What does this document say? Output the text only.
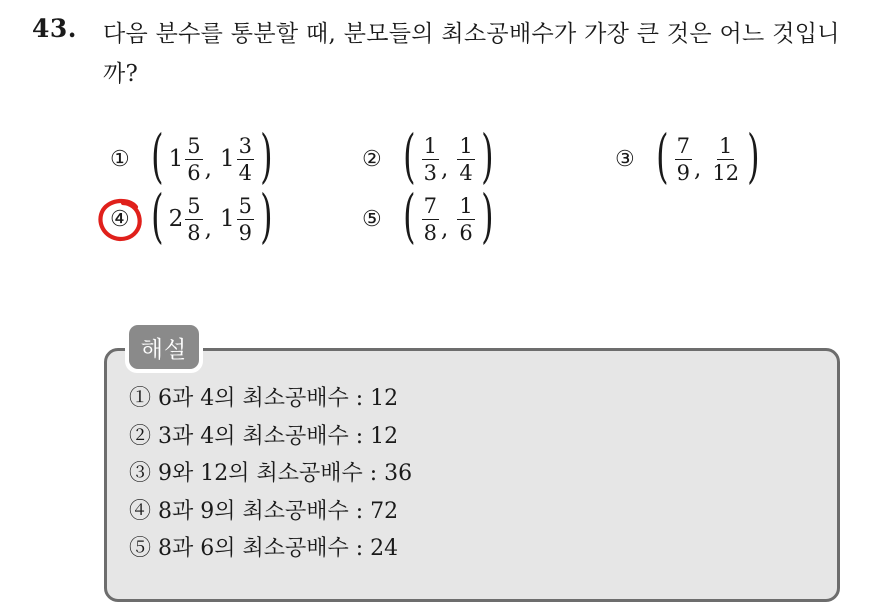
43. 다음 분수를 통분할 때, 분모들의 최소공배수가 가장 큰 것은 어느 것입니까?
① ( $1 \frac{5}{6}$ , $1 \frac{3}{4}$ )	② ( $\frac{1}{3}$ , $\frac{1}{4}$ )	③ ( $\frac{7}{9}$ , $\frac{1}{12}$ )
④ ( $2 \frac{5}{8}$ , $1 \frac{5}{9}$ )	⑤ ( $\frac{7}{8}$ , $\frac{1}{6}$ )
해설
① 6과 4의 최소공배수 : 12
② 3과 4의 최소공배수 : 12
③ 9와 12의 최소공배수 : 36
④ 8과 9의 최소공배수 : 72
⑤ 8과 6의 최소공배수 : 24
